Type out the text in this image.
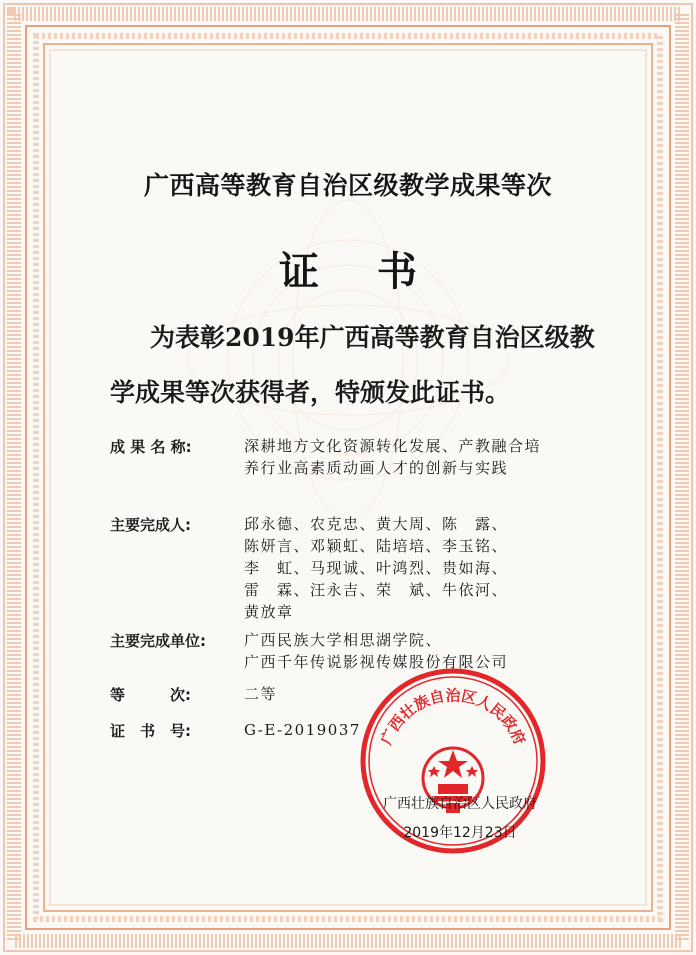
广西高等教育自治区级教学成果等次
证书
为表彰2019年广西高等教育自治区级教
学成果等次获得者，特颁发此证书。
成 果 名 称:	深耕地方文化资源转化发展、产教融合培
养行业高素质动画人才的创新与实践
主要完成人:	邱永德、农克忠、黄大周、陈　露、
陈妍言、邓颖虹、陆培培、李玉铭、
李　虹、马现诚、叶鸿烈、贵如海、
雷　霖、汪永吉、荣　斌、牛依河、
黄放章
主要完成单位:	广西民族大学相思湖学院、
广西千年传说影视传媒股份有限公司
等　　　次:	二等
证　书　号:	G-E-2019037 广西壮族自治区人民政府
广西壮族自治区人民政府
2019年12月23日
